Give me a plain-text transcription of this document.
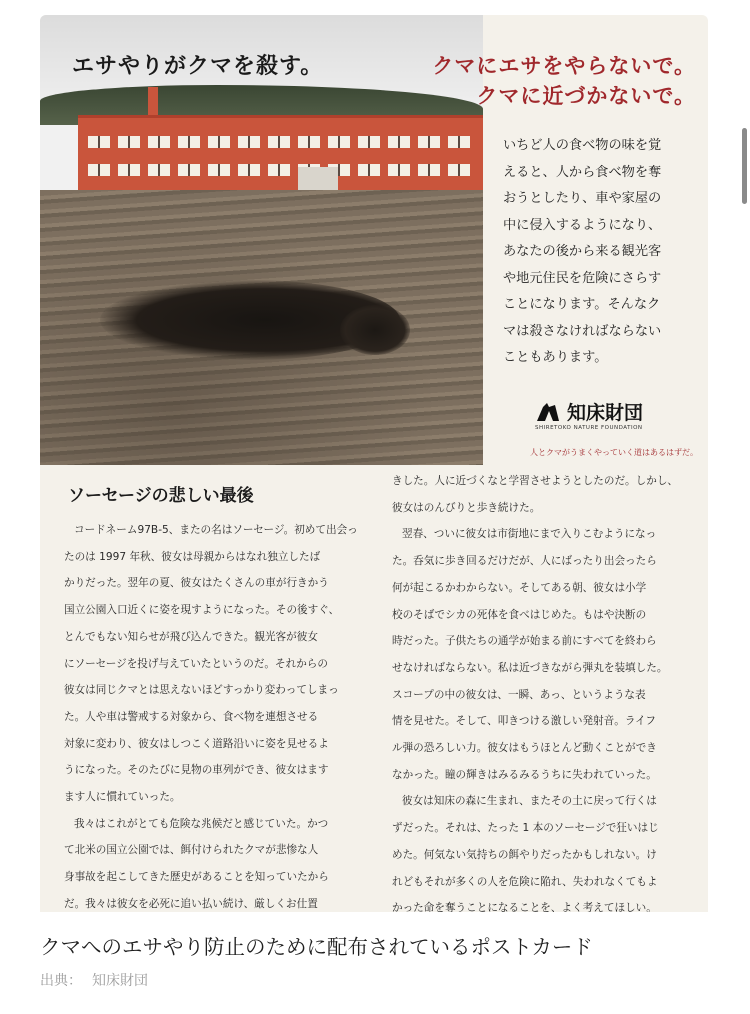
エサやりがクマを殺す。	クマにエサをやらないで。
クマに近づかないで。
いちど人の食べ物の味を覚
えると、人から食べ物を奪
おうとしたり、車や家屋の
中に侵入するようになり、
あなたの後から来る観光客
や地元住民を危険にさらす
ことになります。そんなク
マは殺さなければならない
こともあります。
知床財団
SHIRETOKO NATURE FOUNDATION
人とクマがうまくやっていく道はあるはずだ。
ソーセージの悲しい最後
コードネーム97B-5、またの名はソーセージ。初めて出会っ
たのは 1997 年秋、彼女は母親からはなれ独立したば
かりだった。翌年の夏、彼女はたくさんの車が行きかう
国立公園入口近くに姿を現すようになった。その後すぐ、
とんでもない知らせが飛び込んできた。観光客が彼女
にソーセージを投げ与えていたというのだ。それからの
彼女は同じクマとは思えないほどすっかり変わってしまっ
た。人や車は警戒する対象から、食べ物を連想させる
対象に変わり、彼女はしつこく道路沿いに姿を見せるよ
うになった。そのたびに見物の車列ができ、彼女はます
ます人に慣れていった。
我々はこれがとても危険な兆候だと感じていた。かつ
て北米の国立公園では、餌付けられたクマが悲惨な人
身事故を起こしてきた歴史があることを知っていたから
だ。我々は彼女を必死に追い払い続け、厳しくお仕置
きした。人に近づくなと学習させようとしたのだ。しかし、
彼女はのんびりと歩き続けた。
翌春、ついに彼女は市街地にまで入りこむようになっ
た。呑気に歩き回るだけだが、人にばったり出会ったら
何が起こるかわからない。そしてある朝、彼女は小学
校のそばでシカの死体を食べはじめた。もはや決断の
時だった。子供たちの通学が始まる前にすべてを終わら
せなければならない。私は近づきながら弾丸を装填した。
スコープの中の彼女は、一瞬、あっ、というような表
情を見せた。そして、叩きつける激しい発射音。ライフ
ル弾の恐ろしい力。彼女はもうほとんど動くことができ
なかった。瞳の輝きはみるみるうちに失われていった。
彼女は知床の森に生まれ、またその土に戻って行くは
ずだった。それは、たった 1 本のソーセージで狂いはじ
めた。何気ない気持ちの餌やりだったかもしれない。け
れどもそれが多くの人を危険に陥れ、失われなくてもよ
かった命を奪うことになることを、よく考えてほしい。
クマへのエサやり防止のために配布されているポストカード
出典： 知床財団
